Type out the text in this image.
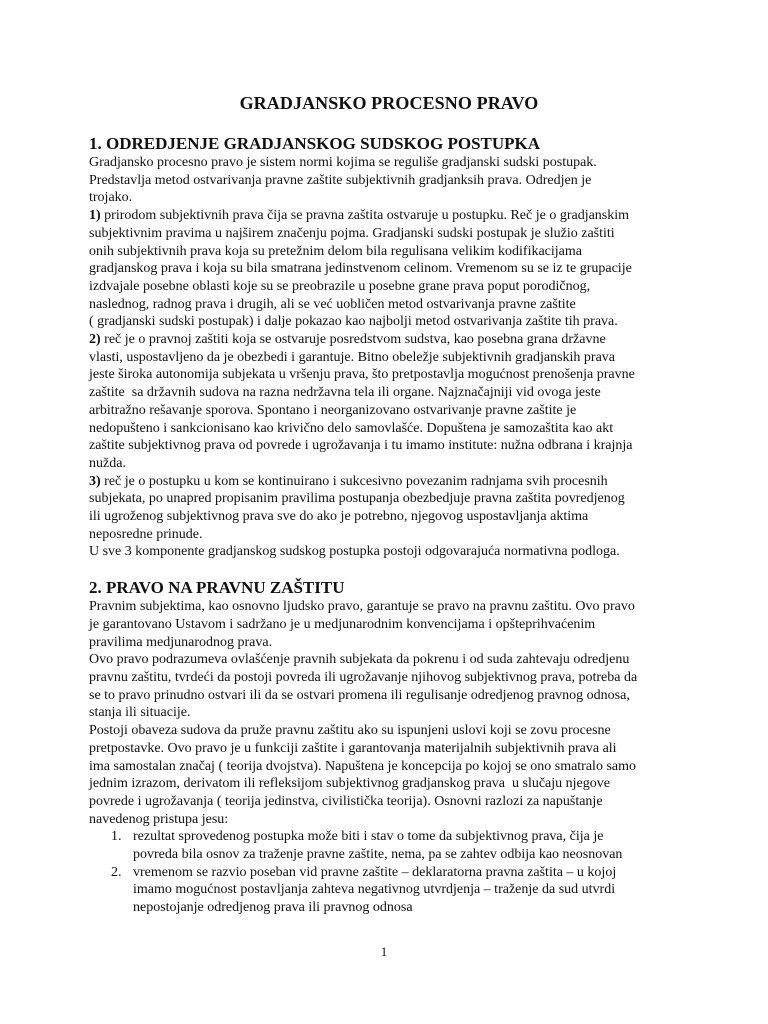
GRADJANSKO PROCESNO PRAVO
1. ODREDJENJE GRADJANSKOG SUDSKOG POSTUPKA

Gradjansko procesno pravo je sistem normi kojima se reguliše gradjanski sudski postupak.
Predstavlja metod ostvarivanja pravne zaštite subjektivnih gradjanksih prava. Odredjen je
trojako.

1) prirodom subjektivnih prava čija se pravna zaštita ostvaruje u postupku. Reč je o gradjanskim
subjektivnim pravima u najširem značenju pojma. Gradjanski sudski postupak je služio zaštiti
onih subjektivnih prava koja su pretežnim delom bila regulisana velikim kodifikacijama
gradjanskog prava i koja su bila smatrana jedinstvenom celinom. Vremenom su se iz te grupacije
izdvajale posebne oblasti koje su se preobrazile u posebne grane prava poput porodičnog,
naslednog, radnog prava i drugih, ali se već uobličen metod ostvarivanja pravne zaštite
( gradjanski sudski postupak) i dalje pokazao kao najbolji metod ostvarivanja zaštite tih prava.

2) reč je o pravnoj zaštiti koja se ostvaruje posredstvom sudstva, kao posebna grana državne
vlasti, uspostavljeno da je obezbedi i garantuje. Bitno obeležje subjektivnih gradjanskih prava
jeste široka autonomija subjekata u vršenju prava, što pretpostavlja mogućnost prenošenja pravne
zaštite  sa državnih sudova na razna nedržavna tela ili organe. Najznačajniji vid ovoga jeste
arbitražno rešavanje sporova. Spontano i neorganizovano ostvarivanje pravne zaštite je
nedopušteno i sankcionisano kao krivično delo samovlašće. Dopuštena je samozaštita kao akt
zaštite subjektivnog prava od povrede i ugrožavanja i tu imamo institute: nužna odbrana i krajnja
nužda.

3) reč je o postupku u kom se kontinuirano i sukcesivno povezanim radnjama svih procesnih
subjekata, po unapred propisanim pravilima postupanja obezbedjuje pravna zaštita povredjenog
ili ugroženog subjektivnog prava sve do ako je potrebno, njegovog uspostavljanja aktima
neposredne prinude.

U sve 3 komponente gradjanskog sudskog postupka postoji odgovarajuća normativna podloga.

2. PRAVO NA PRAVNU ZAŠTITU

Pravnim subjektima, kao osnovno ljudsko pravo, garantuje se pravo na pravnu zaštitu. Ovo pravo
je garantovano Ustavom i sadržano je u medjunarodnim konvencijama i opšteprihvaćenim
pravilima medjunarodnog prava.

Ovo pravo podrazumeva ovlašćenje pravnih subjekata da pokrenu i od suda zahtevaju odredjenu
pravnu zaštitu, tvrdeći da postoji povreda ili ugrožavanje njihovog subjektivnog prava, potreba da
se to pravo prinudno ostvari ili da se ostvari promena ili regulisanje odredjenog pravnog odnosa,
stanja ili situacije.

Postoji obaveza sudova da pruže pravnu zaštitu ako su ispunjeni uslovi koji se zovu procesne
pretpostavke. Ovo pravo je u funkciji zaštite i garantovanja materijalnih subjektivnih prava ali
ima samostalan značaj ( teorija dvojstva). Napuštena je koncepcija po kojoj se ono smatralo samo
jednim izrazom, derivatom ili refleksijom subjektivnog gradjanskog prava  u slučaju njegove
povrede i ugrožavanja ( teorija jedinstva, civilistička teorija). Osnovni razlozi za napuštanje
navedenog pristupa jesu:

1. rezultat sprovedenog postupka može biti i stav o tome da subjektivnog prava, čija je
povreda bila osnov za traženje pravne zaštite, nema, pa se zahtev odbija kao neosnovan
2. vremenom se razvio poseban vid pravne zaštite – deklaratorna pravna zaštita – u kojoj
imamo mogućnost postavljanja zahteva negativnog utvrdjenja – traženje da sud utvrdi
nepostojanje odredjenog prava ili pravnog odnosa
1
